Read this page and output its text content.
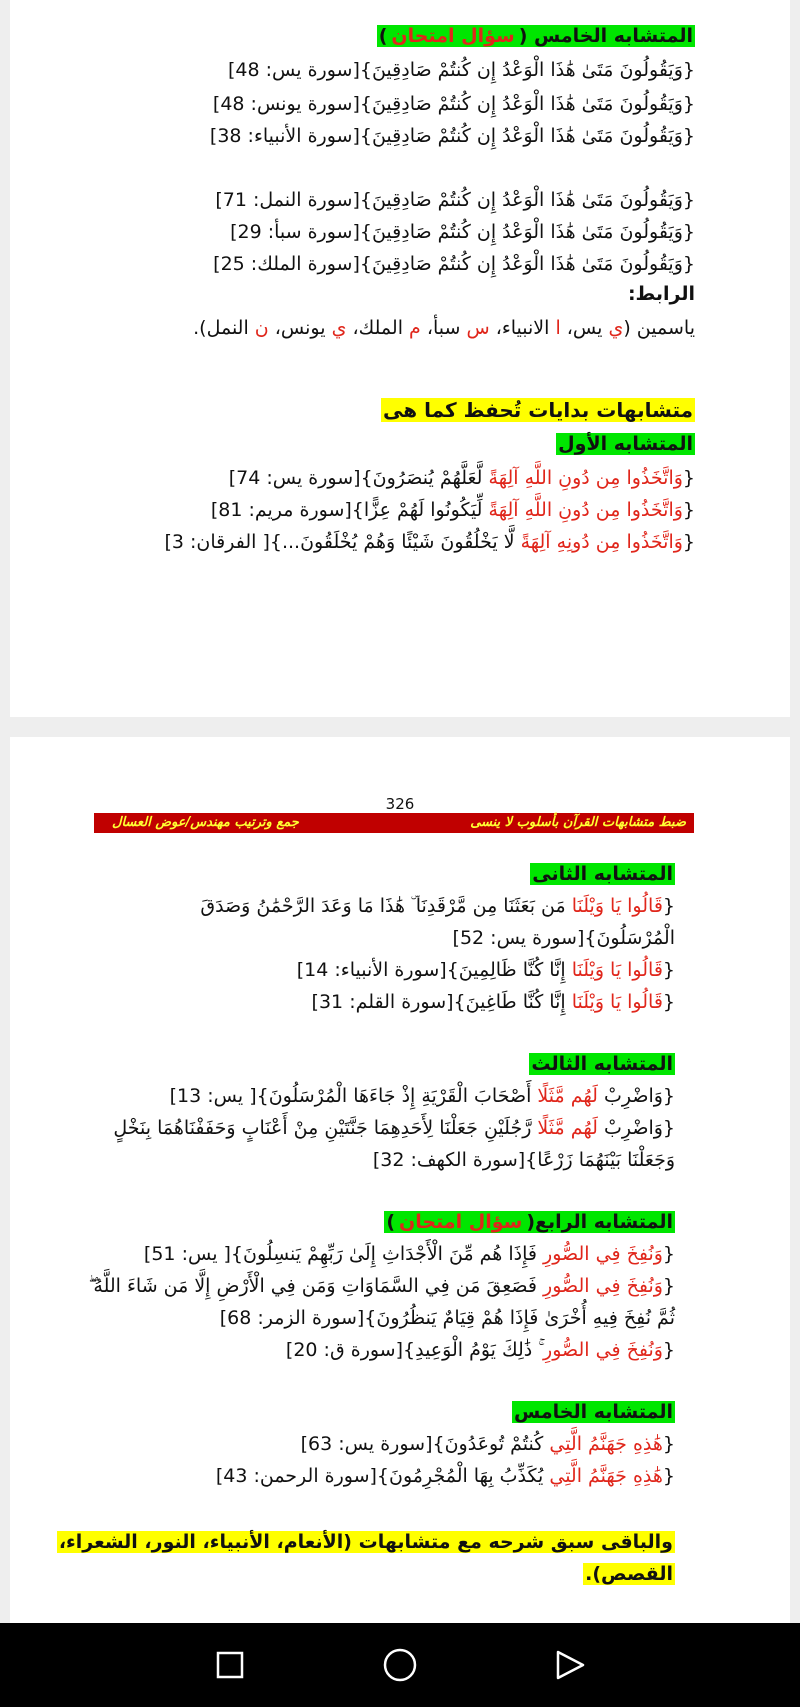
المتشابه الخامس (سؤال امتحان)
{وَيَقُولُونَ مَتَىٰ هَٰذَا الْوَعْدُ إِن كُنتُمْ صَادِقِينَ}[سورة يس: 48]
{وَيَقُولُونَ مَتَىٰ هَٰذَا الْوَعْدُ إِن كُنتُمْ صَادِقِينَ}[سورة يونس: 48]
{وَيَقُولُونَ مَتَىٰ هَٰذَا الْوَعْدُ إِن كُنتُمْ صَادِقِينَ}[سورة الأنبياء: 38]
{وَيَقُولُونَ مَتَىٰ هَٰذَا الْوَعْدُ إِن كُنتُمْ صَادِقِينَ}[سورة النمل: 71]
{وَيَقُولُونَ مَتَىٰ هَٰذَا الْوَعْدُ إِن كُنتُمْ صَادِقِينَ}[سورة سبأ: 29]
{وَيَقُولُونَ مَتَىٰ هَٰذَا الْوَعْدُ إِن كُنتُمْ صَادِقِينَ}[سورة الملك: 25]
الرابط:
ياسمين (ي يس، ا الانبياء، س سبأ، م الملك، ي يونس، ن النمل).
متشابهات بدايات تُحفظ كما هى
المتشابه الأول
{وَاتَّخَذُوا مِن دُونِ اللَّهِ آلِهَةً لَّعَلَّهُمْ يُنصَرُونَ}[سورة يس: 74]
{وَاتَّخَذُوا مِن دُونِ اللَّهِ آلِهَةً لِّيَكُونُوا لَهُمْ عِزًّا}[سورة مريم: 81]
{وَاتَّخَذُوا مِن دُونِهِ آلِهَةً لَّا يَخْلُقُونَ شَيْئًا وَهُمْ يُخْلَقُونَ...}[ الفرقان: 3]
326
ضبط متشابهات القرآن بأسلوب لا ينسى
جمع وترتيب مهندس/عوض العسال
المتشابه الثانى
{قَالُوا يَا وَيْلَنَا مَن بَعَثَنَا مِن مَّرْقَدِنَا ۜ هَٰذَا مَا وَعَدَ الرَّحْمَٰنُ وَصَدَقَ
الْمُرْسَلُونَ}[سورة يس: 52]
{قَالُوا يَا وَيْلَنَا إِنَّا كُنَّا ظَالِمِينَ}[سورة الأنبياء: 14]
{قَالُوا يَا وَيْلَنَا إِنَّا كُنَّا طَاغِينَ}[سورة القلم: 31]
المتشابه الثالث
{وَاضْرِبْ لَهُم مَّثَلًا أَصْحَابَ الْقَرْيَةِ إِذْ جَاءَهَا الْمُرْسَلُونَ}[ يس: 13]
{وَاضْرِبْ لَهُم مَّثَلًا رَّجُلَيْنِ جَعَلْنَا لِأَحَدِهِمَا جَنَّتَيْنِ مِنْ أَعْنَابٍ وَحَفَفْنَاهُمَا بِنَخْلٍ
وَجَعَلْنَا بَيْنَهُمَا زَرْعًا}[سورة الكهف: 32]
المتشابه الرابع(سؤال امتحان)
{وَنُفِخَ فِي الصُّورِ فَإِذَا هُم مِّنَ الْأَجْدَاثِ إِلَىٰ رَبِّهِمْ يَنسِلُونَ}[ يس: 51]
{وَنُفِخَ فِي الصُّورِ فَصَعِقَ مَن فِي السَّمَاوَاتِ وَمَن فِي الْأَرْضِ إِلَّا مَن شَاءَ اللَّهُ ۖ
ثُمَّ نُفِخَ فِيهِ أُخْرَىٰ فَإِذَا هُمْ قِيَامٌ يَنظُرُونَ}[سورة الزمر: 68]
{وَنُفِخَ فِي الصُّورِ ۚ ذَٰلِكَ يَوْمُ الْوَعِيدِ}[سورة ق: 20]
المتشابه الخامس
{هَٰذِهِ جَهَنَّمُ الَّتِي كُنتُمْ تُوعَدُونَ}[سورة يس: 63]
{هَٰذِهِ جَهَنَّمُ الَّتِي يُكَذِّبُ بِهَا الْمُجْرِمُونَ}[سورة الرحمن: 43]
والباقى سبق شرحه مع متشابهات (الأنعام، الأنبياء، النور، الشعراء،
القصص).
